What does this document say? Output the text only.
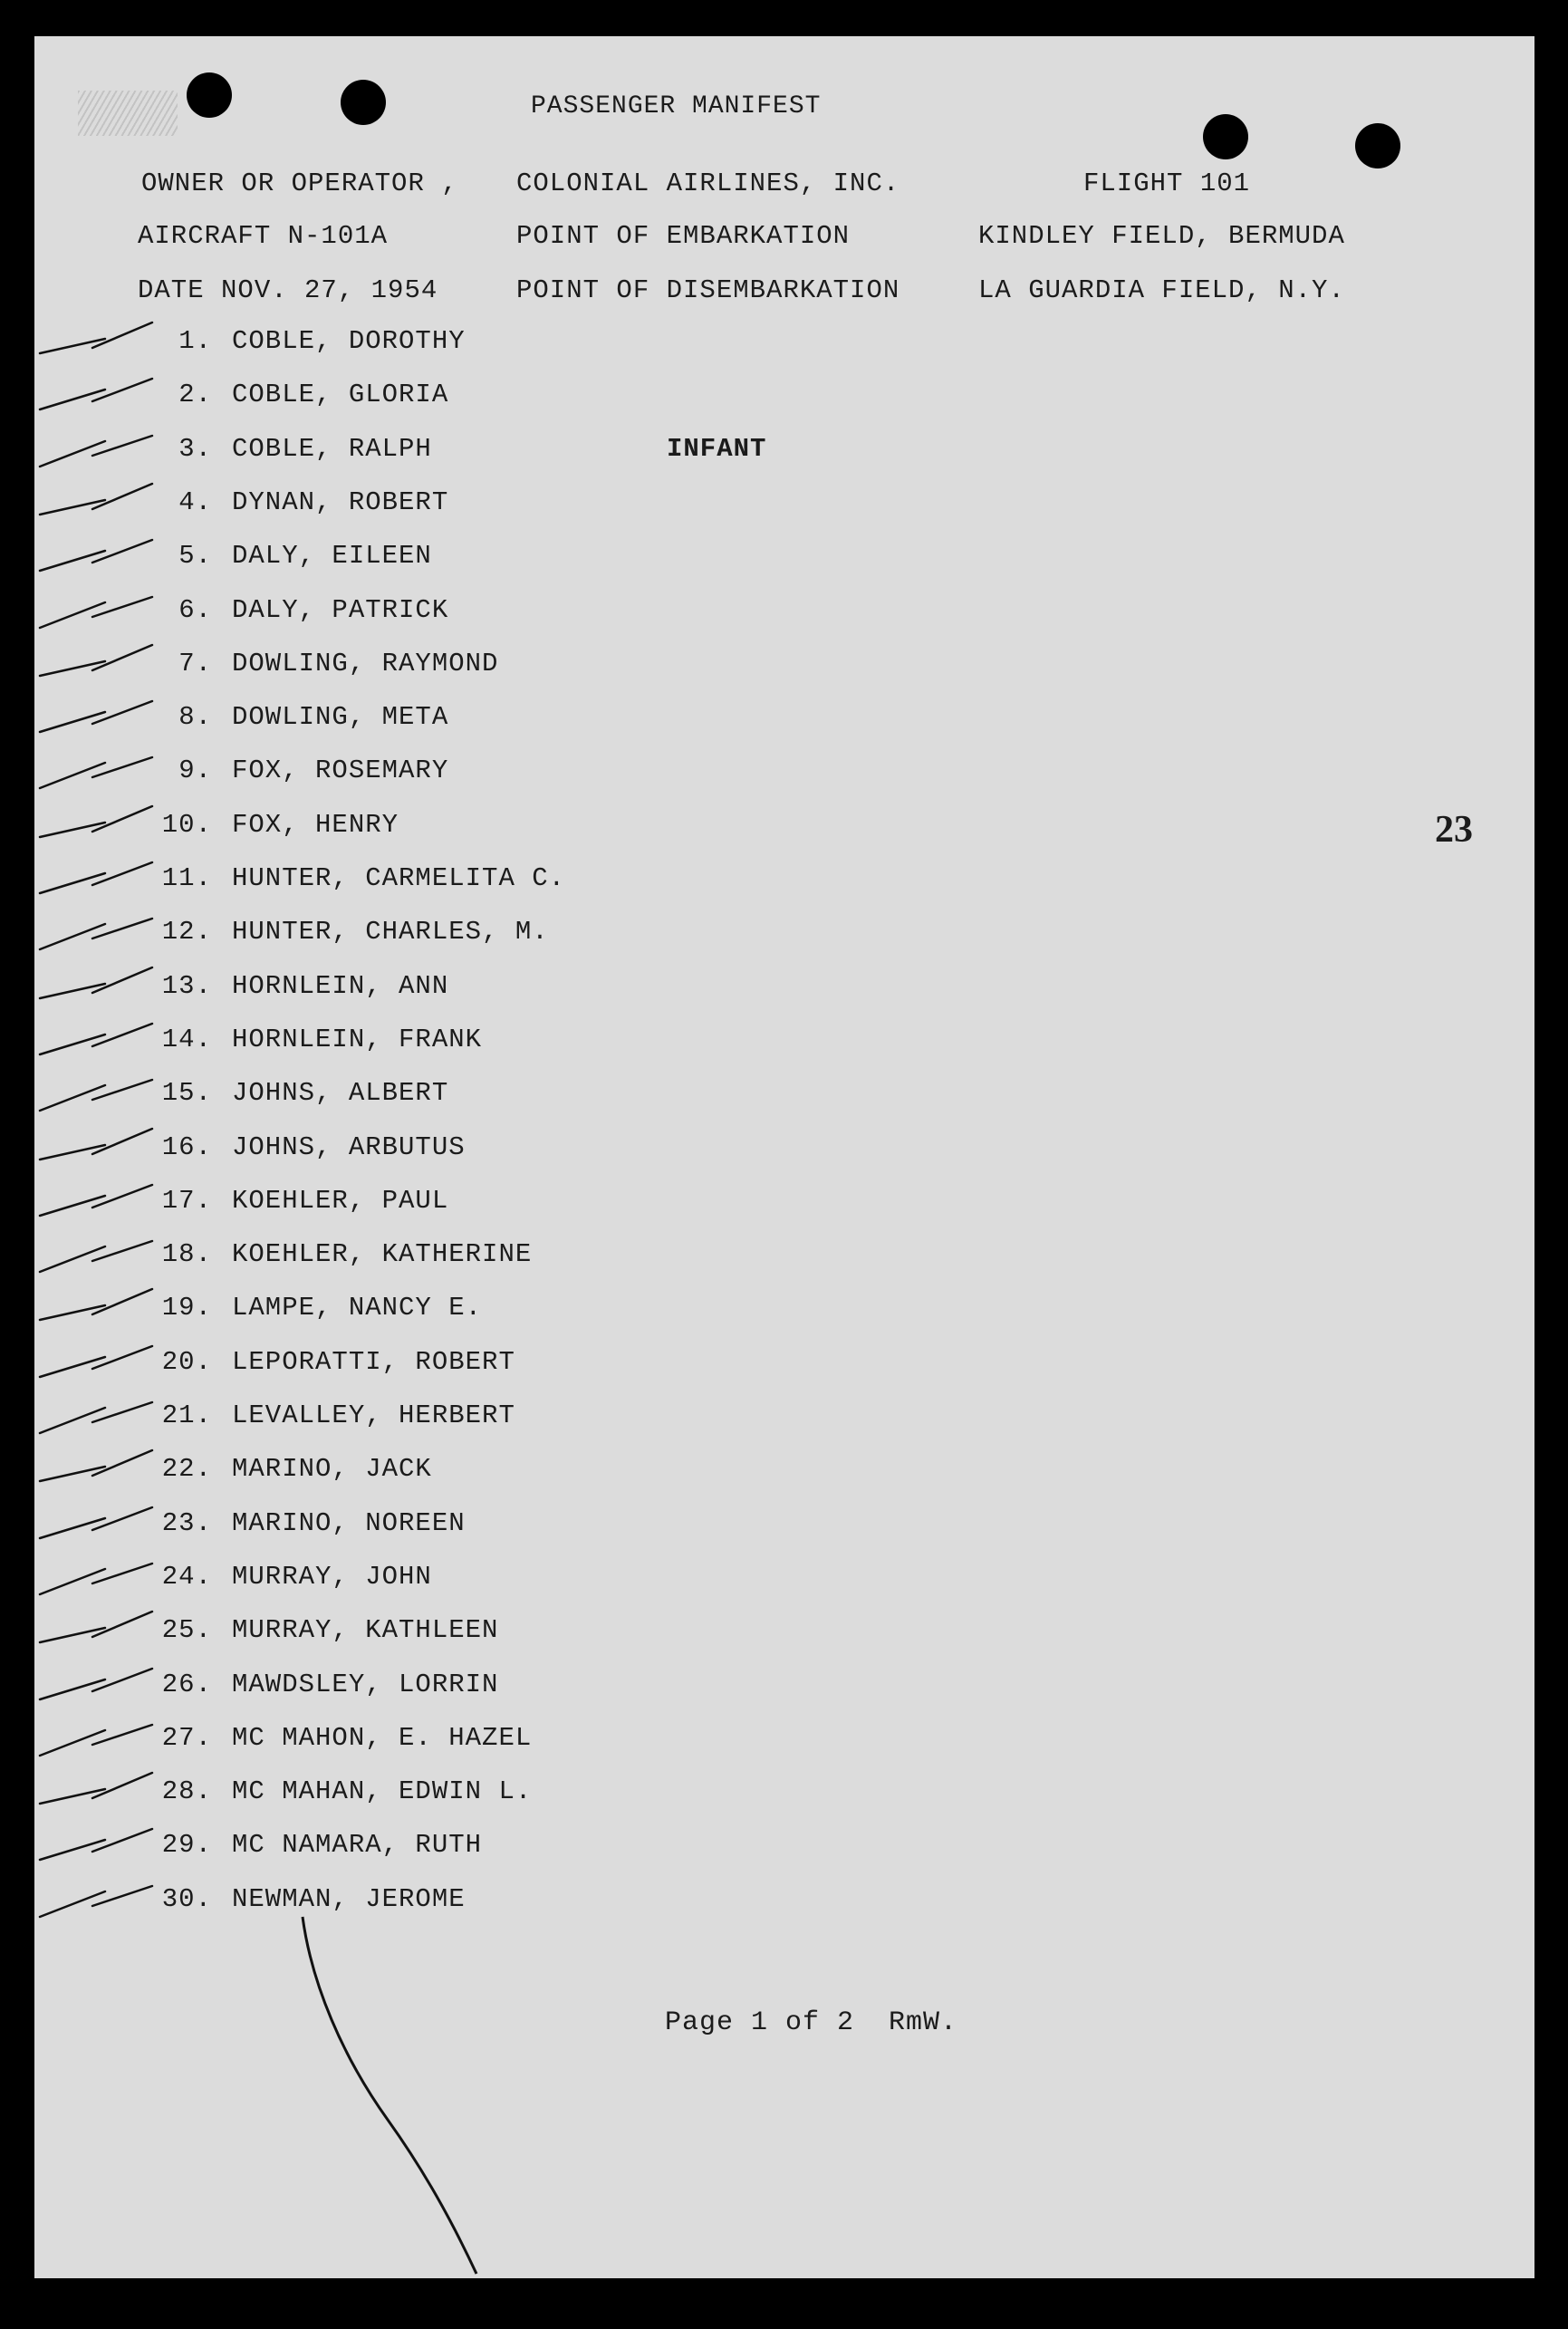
PASSENGER MANIFEST
OWNER OR OPERATOR , COLONIAL AIRLINES, INC.	FLIGHT 101
AIRCRAFT N-101A	POINT OF EMBARKATION	KINDLEY FIELD, BERMUDA
DATE NOV. 27, 1954	POINT OF DISEMBARKATION	LA GUARDIA FIELD, N.Y.
1. COBLE, DOROTHY
2. COBLE, GLORIA
3. COBLE, RALPH	INFANT
4. DYNAN, ROBERT
5. DALY, EILEEN
6. DALY, PATRICK
7. DOWLING, RAYMOND
8. DOWLING, META
9. FOX, ROSEMARY
10. FOX, HENRY
11. HUNTER, CARMELITA C.
12. HUNTER, CHARLES, M.
13. HORNLEIN, ANN
14. HORNLEIN, FRANK
15. JOHNS, ALBERT
16. JOHNS, ARBUTUS
17. KOEHLER, PAUL
18. KOEHLER, KATHERINE
19. LAMPE, NANCY E.
20. LEPORATTI, ROBERT
21. LEVALLEY, HERBERT
22. MARINO, JACK
23. MARINO, NOREEN
24. MURRAY, JOHN
25. MURRAY, KATHLEEN
26. MAWDSLEY, LORRIN
27. MC MAHON, E. HAZEL
28. MC MAHAN, EDWIN L.
29. MC NAMARA, RUTH
30. NEWMAN, JEROME
23
Page 1 of 2  RmW.
